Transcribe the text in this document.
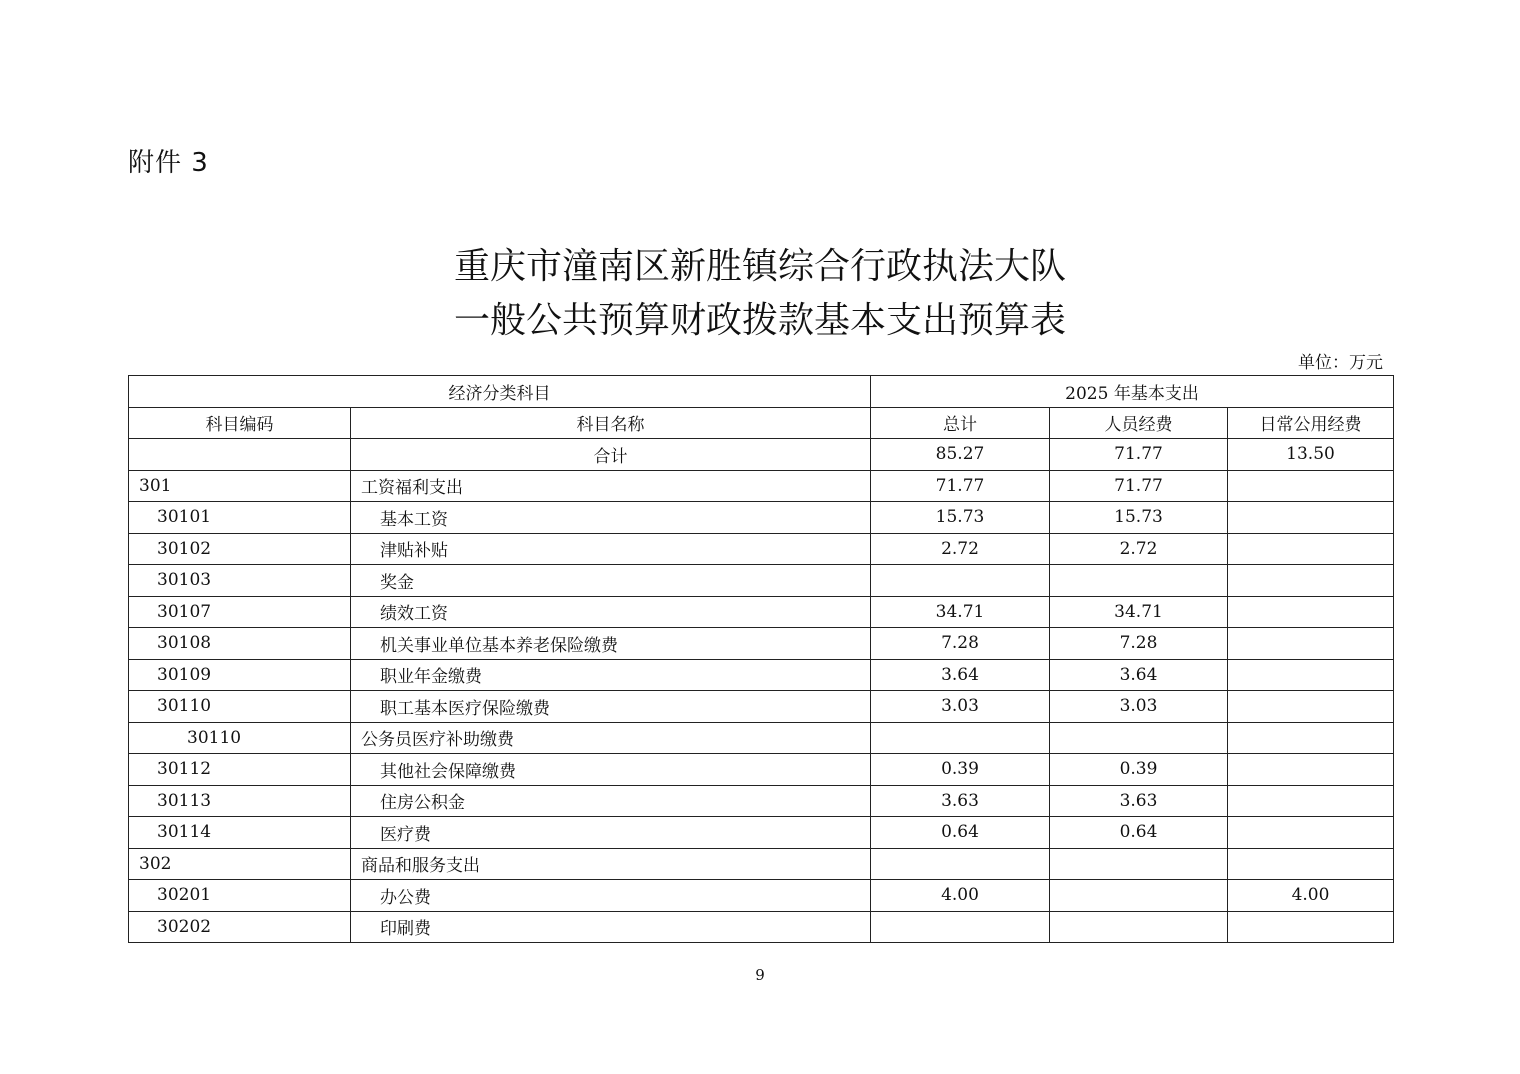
附件 3
重庆市潼南区新胜镇综合行政执法大队
一般公共预算财政拨款基本支出预算表
单位：万元
经济分类科目		2025 年基本支出		
科目编码	科目名称	总计	人员经费	日常公用经费
	合计	85.27	71.77	13.50
301	工资福利支出	71.77	71.77	
30101	基本工资	15.73	15.73	
30102	津贴补贴	2.72	2.72	
30103	奖金			
30107	绩效工资	34.71	34.71	
30108	机关事业单位基本养老保险缴费	7.28	7.28	
30109	职业年金缴费	3.64	3.64	
30110	职工基本医疗保险缴费	3.03	3.03	
30110	公务员医疗补助缴费			
30112	其他社会保障缴费	0.39	0.39	
30113	住房公积金	3.63	3.63	
30114	医疗费	0.64	0.64	
302	商品和服务支出			
30201	办公费	4.00		4.00
30202	印刷费			
9
